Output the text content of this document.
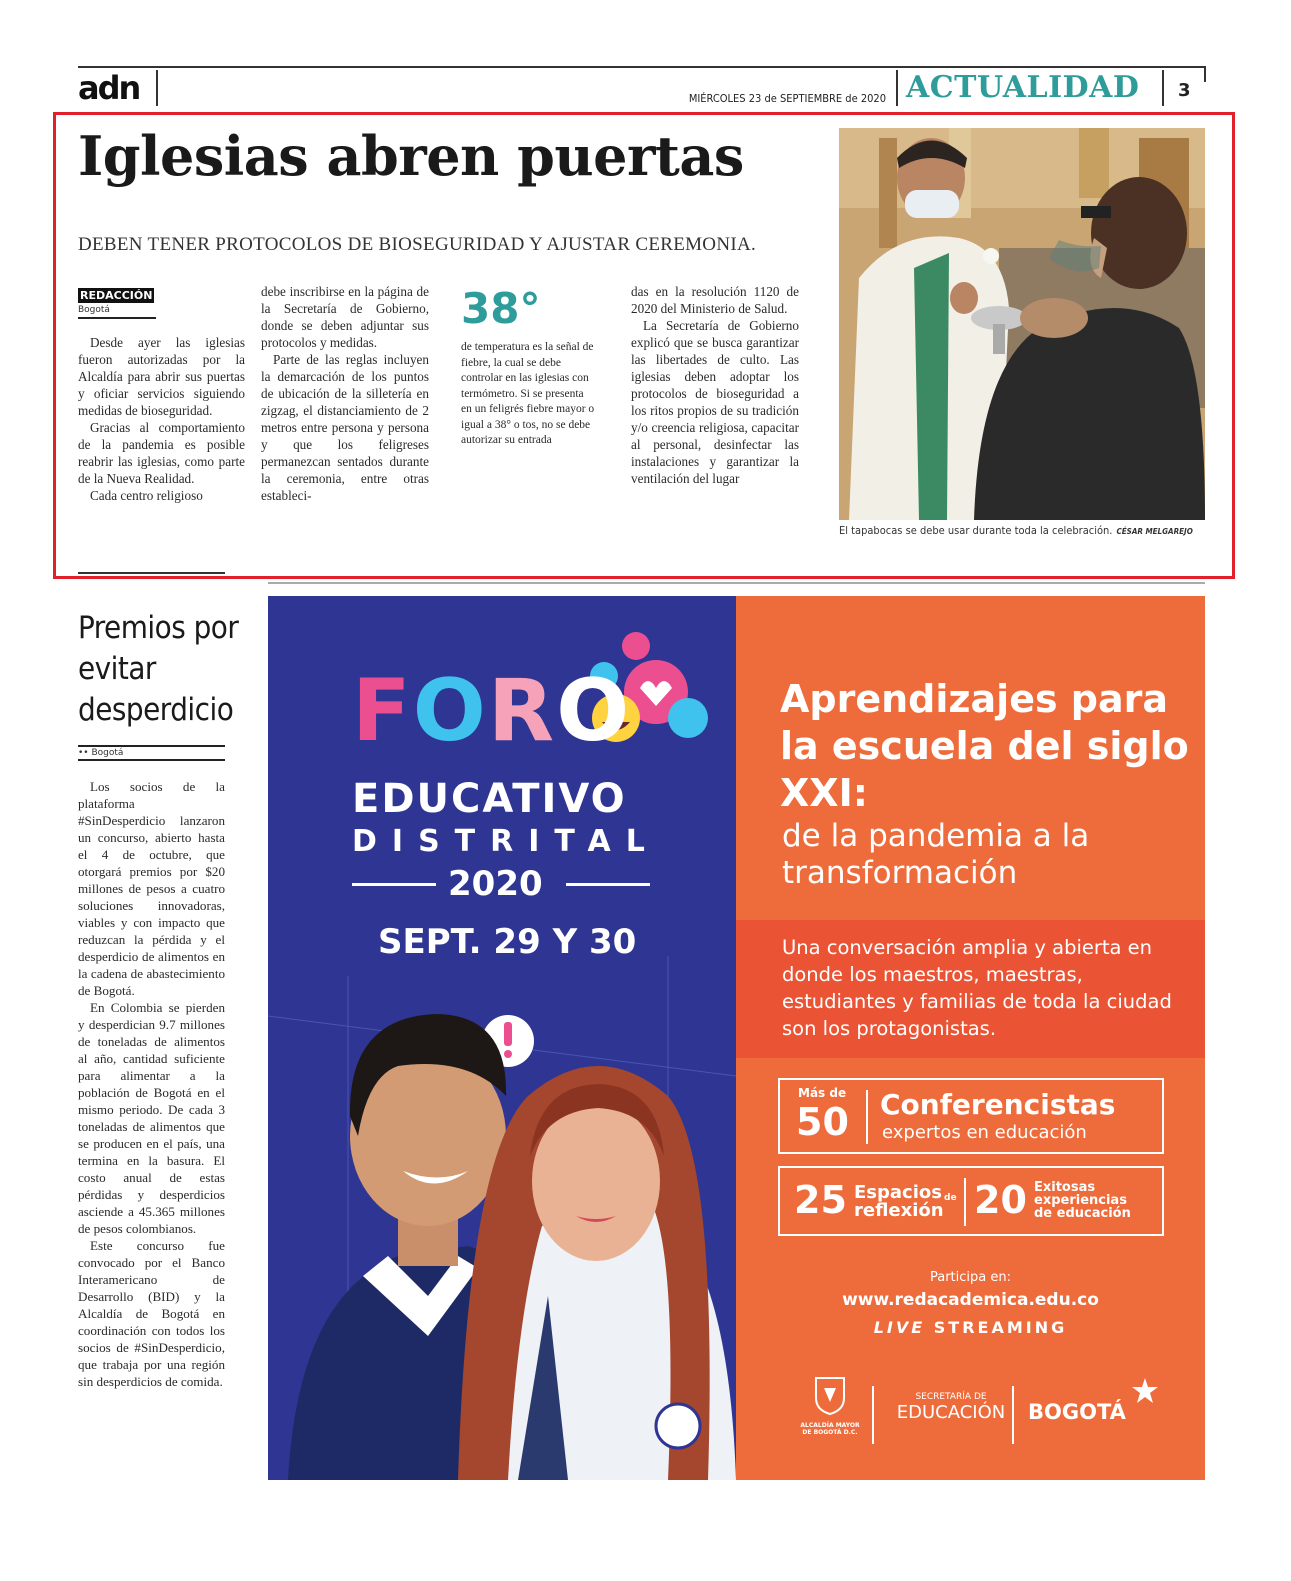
adn	MIÉRCOLES 23 de SEPTIEMBRE de 2020 ACTUALIDAD 3
Iglesias abren puertas
DEBEN TENER PROTOCOLOS DE BIOSEGURIDAD Y AJUSTAR CEREMONIA.
REDACCIÓN
Bogotá

Desde ayer las iglesias fueron autorizadas por la Alcaldía para abrir sus puertas y oficiar servicios siguiendo medidas de bioseguridad.

Gracias al comportamiento de la pandemia es posible reabrir las iglesias, como parte de la Nueva Realidad.

Cada centro religioso

debe inscribirse en la página de la Secretaría de Gobierno, donde se deben adjuntar sus protocolos y medidas.

Parte de las reglas incluyen la demarcación de los puntos de ubicación de la silletería en zigzag, el distanciamiento de 2 metros entre persona y persona y que los feligreses permanezcan sentados durante la ceremonia, entre otras estableci-

38°
de temperatura es la señal de fiebre, la cual se debe controlar en las iglesias con termómetro. Si se presenta en un feligrés fiebre mayor o igual a 38° o tos, no se debe autorizar su entrada

das en la resolución 1120 de 2020 del Ministerio de Salud.

La Secretaría de Gobierno explicó que se busca garantizar las libertades de culto. Las iglesias deben adoptar los protocolos de bioseguridad a los ritos propios de su tradición y/o creencia religiosa, capacitar al personal, desinfectar las instalaciones y garantizar la ventilación del lugar

El tapabocas se debe usar durante toda la celebración. CÉSAR MELGAREJO
Premios por evitar desperdicio
•• Bogotá

Los socios de la plataforma #SinDesperdicio lanzaron un concurso, abierto hasta el 4 de octubre, que otorgará premios por $20 millones de pesos a cuatro soluciones innovadoras, viables y con impacto que reduzcan la pérdida y el desperdicio de alimentos en la cadena de abastecimiento de Bogotá.

En Colombia se pierden y desperdician 9.7 millones de toneladas de alimentos al año, cantidad suficiente para alimentar a la población de Bogotá en el mismo periodo. De cada 3 toneladas de alimentos que se producen en el país, una termina en la basura. El costo anual de estas pérdidas y desperdicios asciende a 45.365 millones de pesos colombianos.

Este concurso fue convocado por el Banco Interamericano de Desarrollo (BID) y la Alcaldía de Bogotá en coordinación con todos los socios de #SinDesperdicio, que trabaja por una región sin desperdicios de comida.

FORO
EDUCATIVO
DISTRITAL
2020
SEPT. 29 Y 30
Aprendizajes para la escuela del siglo XXI:
de la pandemia a la transformación
Una conversación amplia y abierta en donde los maestros, maestras, estudiantes y familias de toda la ciudad son los protagonistas.
Más de
50 Conferencistas
expertos en educación
25 Espacios de
reflexión 20 Exitosas
experiencias
de educación
Participa en:
www.redacademica.edu.co
LIVE STREAMING
ALCALDÍA MAYOR DE BOGOTÁ D.C.
SECRETARÍA DE
EDUCACIÓN	BOGOTÁ
